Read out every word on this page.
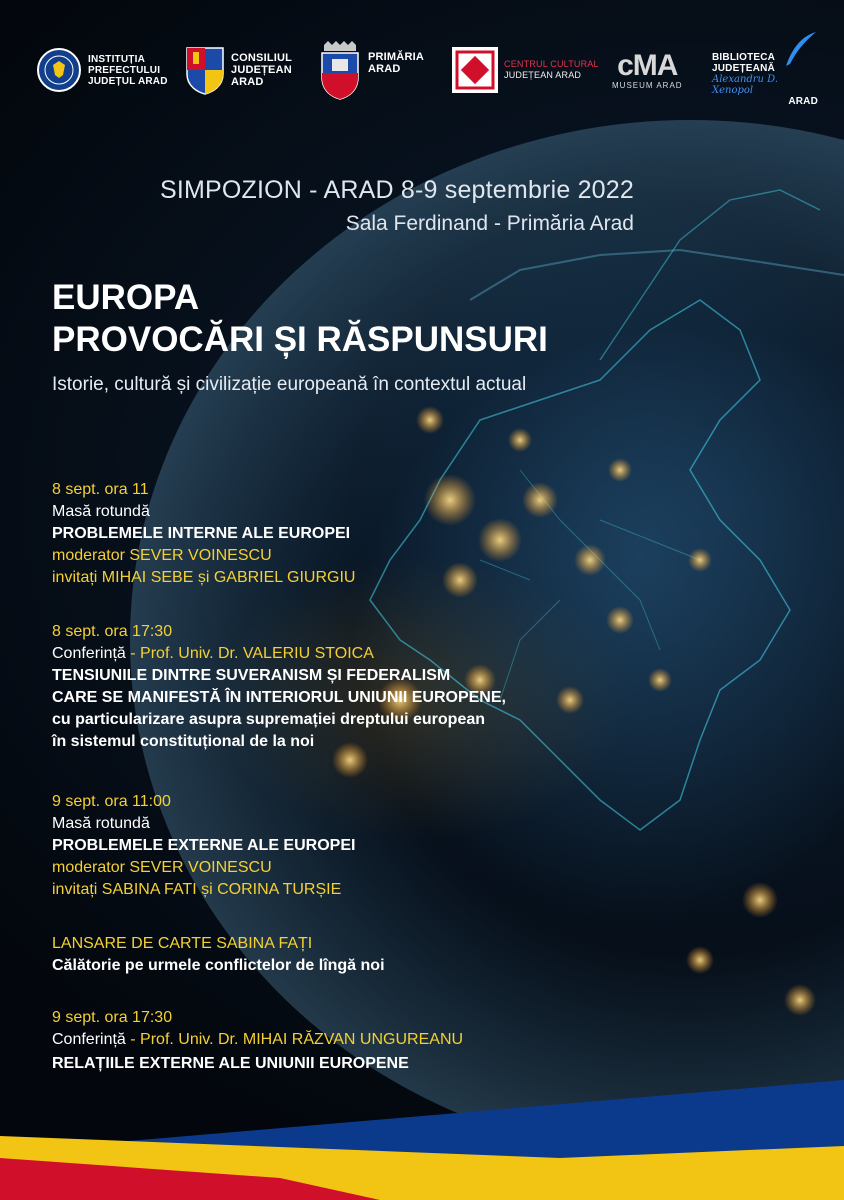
INSTITUȚIA
PREFECTULUI
JUDEȚUL ARAD
CONSILIUL
JUDEȚEAN
ARAD
PRIMĂRIA
ARAD	CENTRUL CULTURAL
JUDEȚEAN ARAD	cMA
MUSEUM ARAD
BIBLIOTECA
JUDEȚEANĂ
Alexandru D. Xenopol
ARAD
SIMPOZION - ARAD 8-9 septembrie 2022
Sala Ferdinand - Primăria Arad
EUROPA
PROVOCĂRI ȘI RĂSPUNSURI
Istorie, cultură și civilizație europeană în contextul actual
8 sept. ora 11
Masă rotundă
PROBLEMELE INTERNE ALE EUROPEI
moderator SEVER VOINESCU
invitați MIHAI SEBE și GABRIEL GIURGIU
8 sept. ora 17:30
Conferință - Prof. Univ. Dr. VALERIU STOICA
TENSIUNILE DINTRE SUVERANISM ȘI FEDERALISM
CARE SE MANIFESTĂ ÎN INTERIORUL UNIUNII EUROPENE,
cu particularizare asupra supremației dreptului european
în sistemul constituțional de la noi
9 sept. ora 11:00
Masă rotundă
PROBLEMELE EXTERNE ALE EUROPEI
moderator SEVER VOINESCU
invitați SABINA FATI și CORINA TURȘIE
LANSARE DE CARTE SABINA FAȚI
Călătorie pe urmele conflictelor de lîngă noi
9 sept. ora 17:30
Conferință - Prof. Univ. Dr. MIHAI RĂZVAN UNGUREANU
RELAȚIILE EXTERNE ALE UNIUNII EUROPENE
